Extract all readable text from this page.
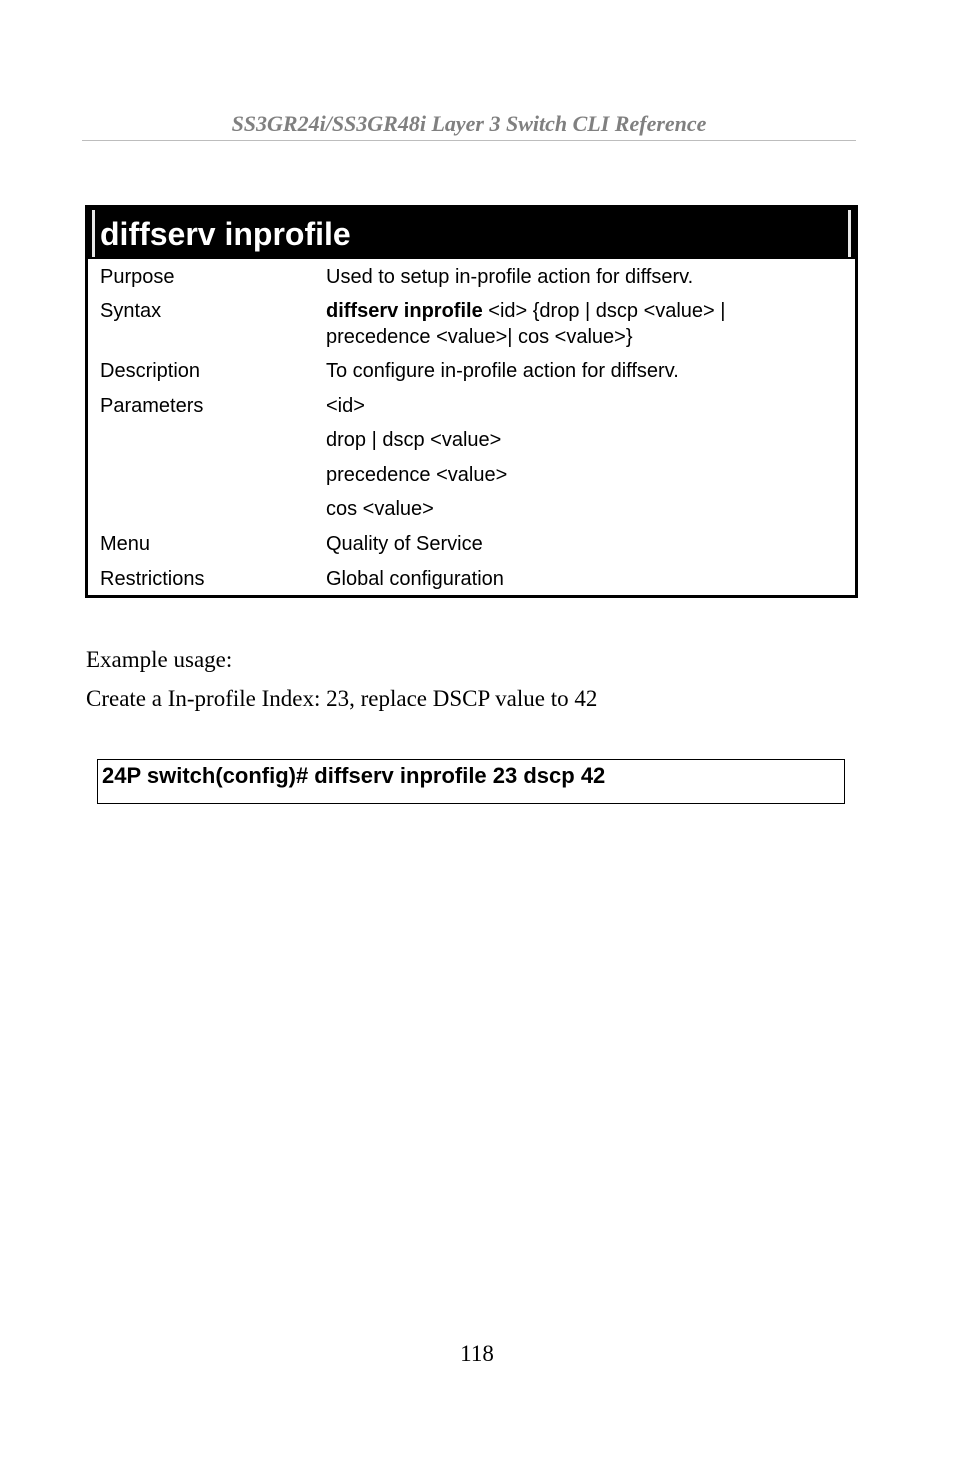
SS3GR24i/SS3GR48i Layer 3 Switch CLI Reference
diffserv inprofile
Purpose	Used to setup in-profile action for diffserv.
Syntax	diffserv inprofile <id> {drop | dscp <value> |
precedence <value>| cos <value>}
Description	To configure in-profile action for diffserv.
Parameters	<id>
drop | dscp <value>
precedence <value>
cos <value>
Menu	Quality of Service
Restrictions	Global configuration
Example usage:
Create a In-profile Index: 23, replace DSCP value to 42
24P switch(config)# diffserv inprofile 23 dscp 42
118
